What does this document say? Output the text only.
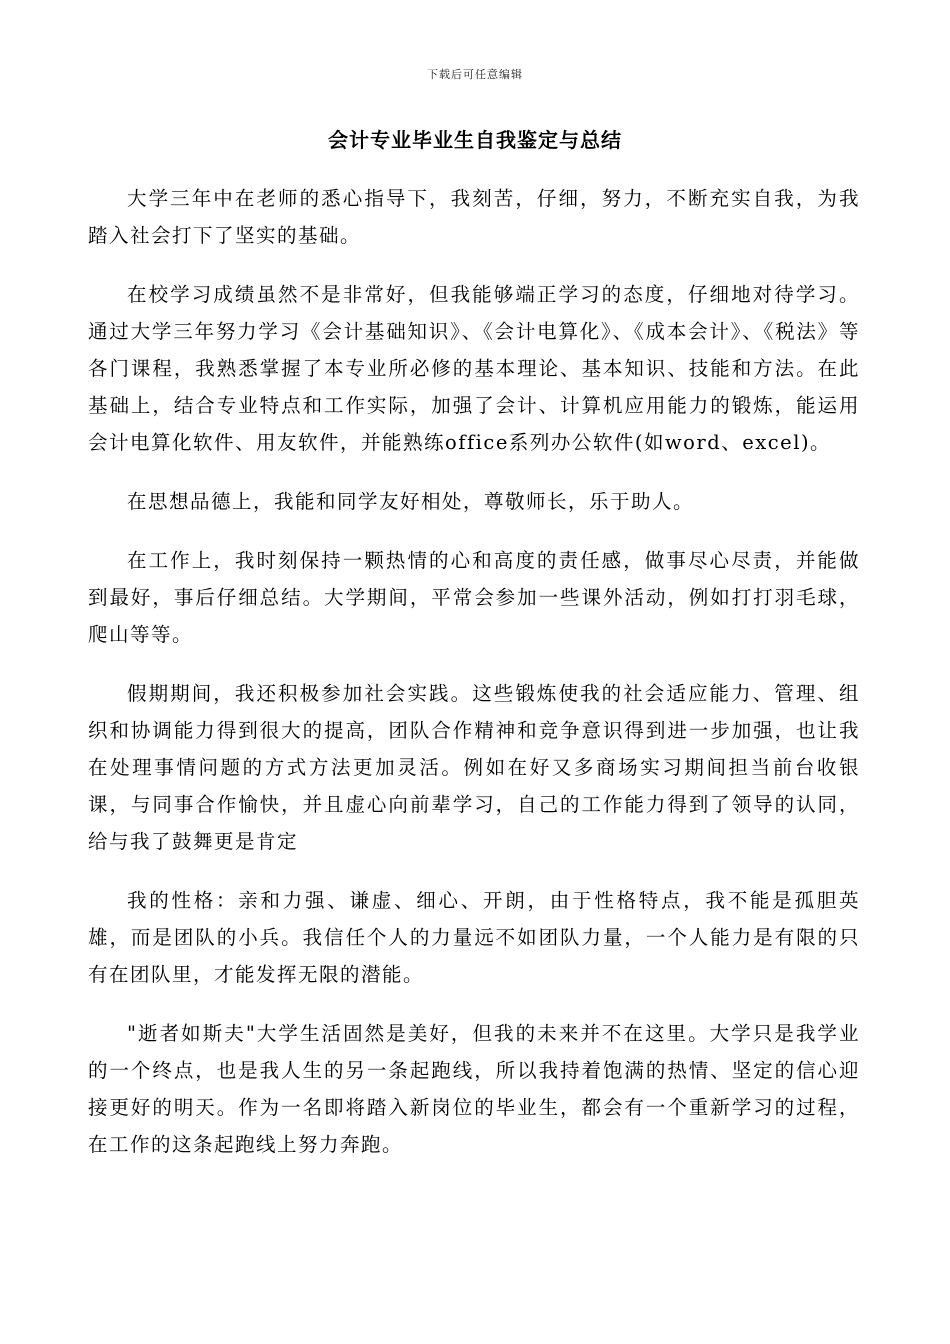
下载后可任意编辑
会计专业毕业生自我鉴定与总结

大学三年中在老师的悉心指导下，我刻苦，仔细，努力，不断充实自我，为我踏入社会打下了坚实的基础。

在校学习成绩虽然不是非常好，但我能够端正学习的态度，仔细地对待学习。通过大学三年努力学习《会计基础知识》、《会计电算化》、《成本会计》、《税法》等各门课程，我熟悉掌握了本专业所必修的基本理论、基本知识、技能和方法。在此基础上，结合专业特点和工作实际，加强了会计、计算机应用能力的锻炼，能运用会计电算化软件、用友软件，并能熟练office系列办公软件(如word、excel)。

在思想品德上，我能和同学友好相处，尊敬师长，乐于助人。

在工作上，我时刻保持一颗热情的心和高度的责任感，做事尽心尽责，并能做到最好，事后仔细总结。大学期间，平常会参加一些课外活动，例如打打羽毛球，爬山等等。

假期期间，我还积极参加社会实践。这些锻炼使我的社会适应能力、管理、组织和协调能力得到很大的提高，团队合作精神和竞争意识得到进一步加强，也让我在处理事情问题的方式方法更加灵活。例如在好又多商场实习期间担当前台收银课，与同事合作愉快，并且虚心向前辈学习，自己的工作能力得到了领导的认同，给与我了鼓舞更是肯定

我的性格：亲和力强、谦虚、细心、开朗，由于性格特点，我不能是孤胆英雄，而是团队的小兵。我信任个人的力量远不如团队力量，一个人能力是有限的只有在团队里，才能发挥无限的潜能。

"逝者如斯夫"大学生活固然是美好，但我的未来并不在这里。大学只是我学业的一个终点，也是我人生的另一条起跑线，所以我持着饱满的热情、坚定的信心迎接更好的明天。作为一名即将踏入新岗位的毕业生，都会有一个重新学习的过程，在工作的这条起跑线上努力奔跑。
